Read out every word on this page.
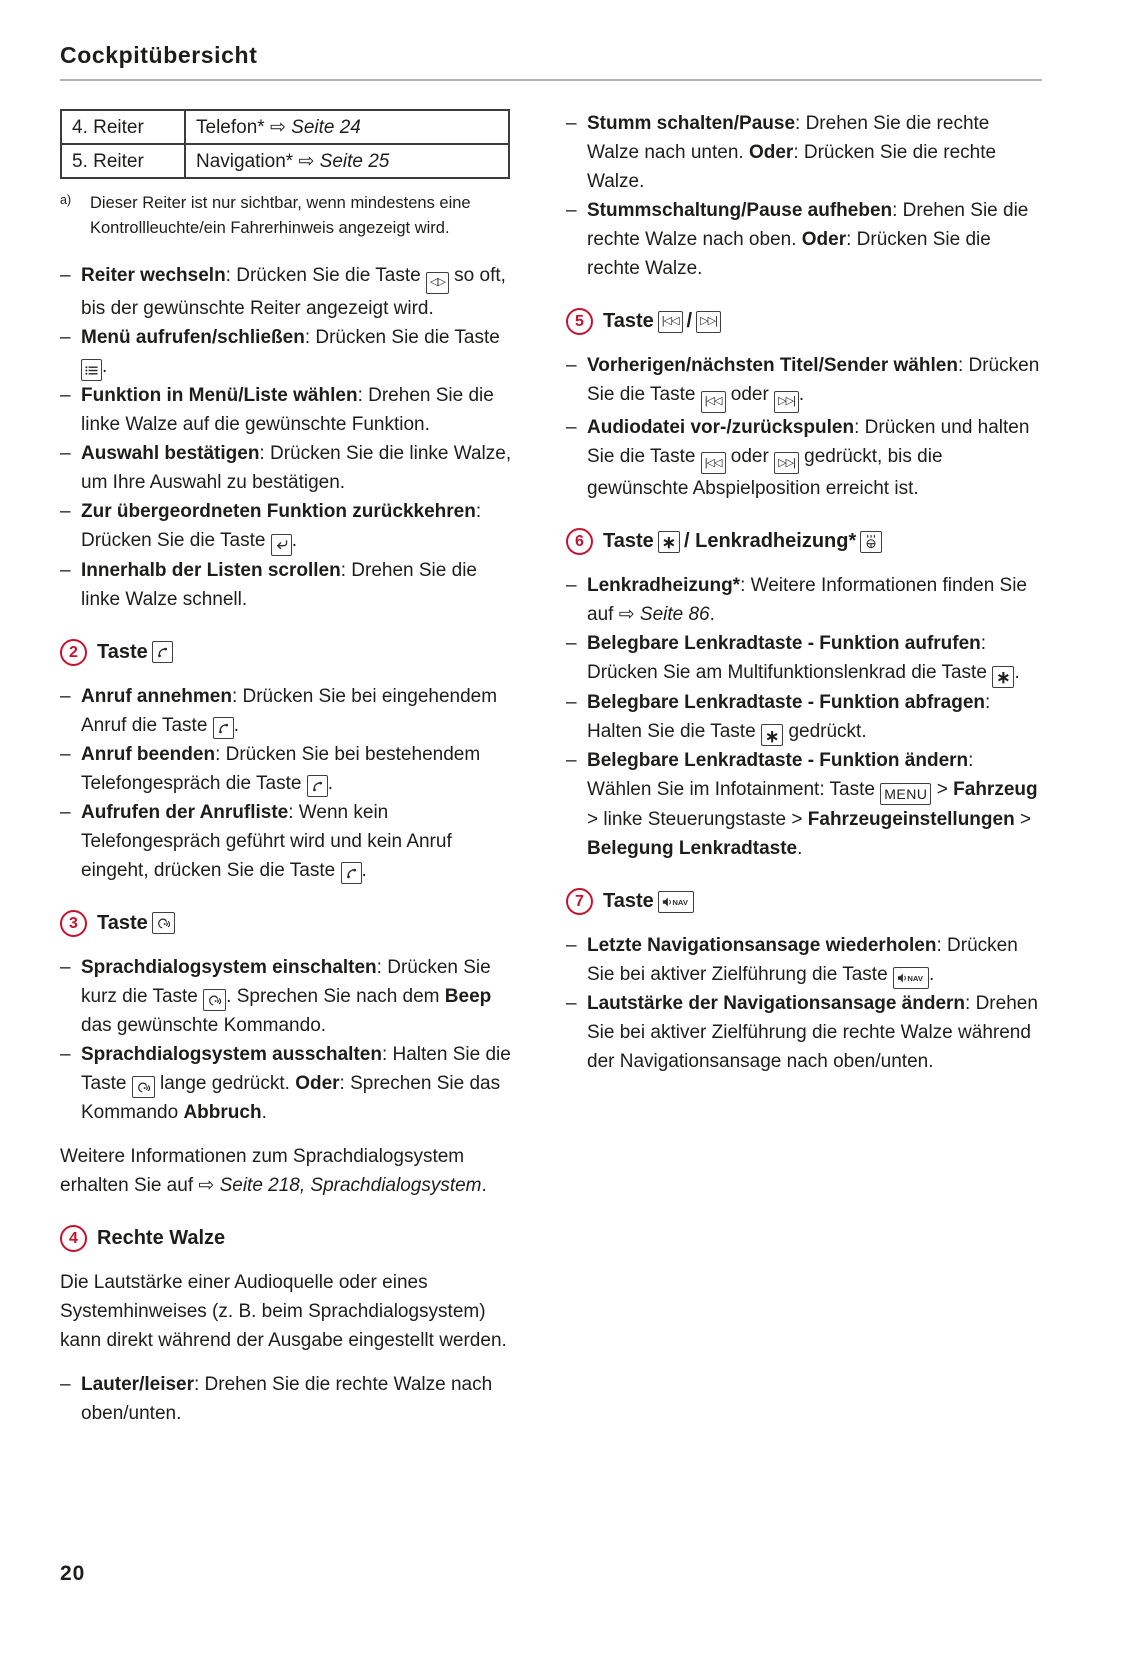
Cockpitübersicht
4. Reiter	Telefon* ⇨ Seite 24
5. Reiter	Navigation* ⇨ Seite 25
a)	Dieser Reiter ist nur sichtbar, wenn mindestens eine Kontrollleuchte/ein Fahrerhinweis angezeigt wird.
– Reiter wechseln: Drücken Sie die Taste ◁▷ so oft, bis der gewünschte Reiter angezeigt wird.
– Menü aufrufen/schließen: Drücken Sie die Taste
.
– Funktion in Menü/Liste wählen: Drehen Sie die linke Walze auf die gewünschte Funktion.
– Auswahl bestätigen: Drücken Sie die linke Walze, um Ihre Auswahl zu bestätigen.
– Zur übergeordneten Funktion zurückkehren: Drücken Sie die Taste
.
– Innerhalb der Listen scrollen: Drehen Sie die linke Walze schnell.
2 Taste
– Anruf annehmen: Drücken Sie bei eingehendem Anruf die Taste
.
– Anruf beenden: Drücken Sie bei bestehendem Telefongespräch die Taste
.
– Aufrufen der Anrufliste: Wenn kein Telefongespräch geführt wird und kein Anruf eingeht, drücken Sie die Taste
.
3 Taste
– Sprachdialogsystem einschalten: Drücken Sie kurz die Taste
. Sprechen Sie nach dem Beep das gewünschte Kommando.
– Sprachdialogsystem ausschalten: Halten Sie die Taste
lange gedrückt. Oder: Sprechen Sie das Kommando Abbruch.

Weitere Informationen zum Sprachdialogsystem erhalten Sie auf ⇨ Seite 218, Sprachdialogsystem.

4 Rechte Walze

Die Lautstärke einer Audioquelle oder eines Systemhinweises (z. B. beim Sprachdialogsystem) kann direkt während der Ausgabe eingestellt werden.

– Lauter/leiser: Drehen Sie die rechte Walze nach oben/unten.
– Stumm schalten/Pause: Drehen Sie die rechte Walze nach unten. Oder: Drücken Sie die rechte Walze.
– Stummschaltung/Pause aufheben: Drehen Sie die rechte Walze nach oben. Oder: Drücken Sie die rechte Walze.
5 Taste |◁◁ / ▷▷|
– Vorherigen/nächsten Titel/Sender wählen: Drücken Sie die Taste |◁◁ oder ▷▷| .
– Audiodatei vor-/zurückspulen: Drücken und halten Sie die Taste |◁◁ oder ▷▷| gedrückt, bis die gewünschte Abspielposition erreicht ist.
6 Taste ∗ / Lenkradheizung*
– Lenkradheizung*: Weitere Informationen finden Sie auf ⇨ Seite 86.
– Belegbare Lenkradtaste - Funktion aufrufen: Drücken Sie am Multifunktionslenkrad die Taste ∗ .
– Belegbare Lenkradtaste - Funktion abfragen: Halten Sie die Taste ∗ gedrückt.
– Belegbare Lenkradtaste - Funktion ändern: Wählen Sie im Infotainment: Taste MENU > Fahrzeug > linke Steuerungstaste > Fahrzeugeinstellungen > Belegung Lenkradtaste.
7 Taste NAV
– Letzte Navigationsansage wiederholen: Drücken Sie bei aktiver Zielführung die Taste NAV .
– Lautstärke der Navigationsansage ändern: Drehen Sie bei aktiver Zielführung die rechte Walze während der Navigationsansage nach oben/unten.
20
